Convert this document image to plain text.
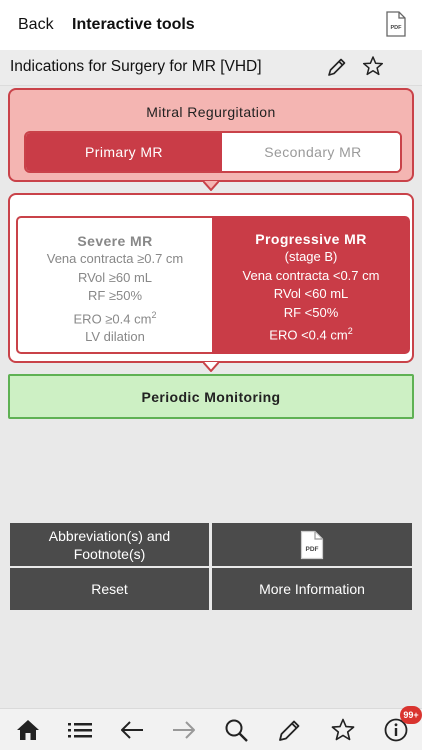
Back Interactive tools	PDF
Indications for Surgery for MR [VHD]
Mitral Regurgitation
Primary MR	Secondary MR
Severe MR
Vena contracta ≥0.7 cm
RVol ≥60 mL
RF ≥50%
ERO ≥0.4 $cm^2$
LV dilation
Progressive MR
(stage B)
Vena contracta <0.7 cm
RVol <60 mL
RF <50%
ERO <0.4 $cm^2$
Periodic Monitoring
Abbreviation(s) and Footnote(s)	PDF
Reset	More Information
99+
